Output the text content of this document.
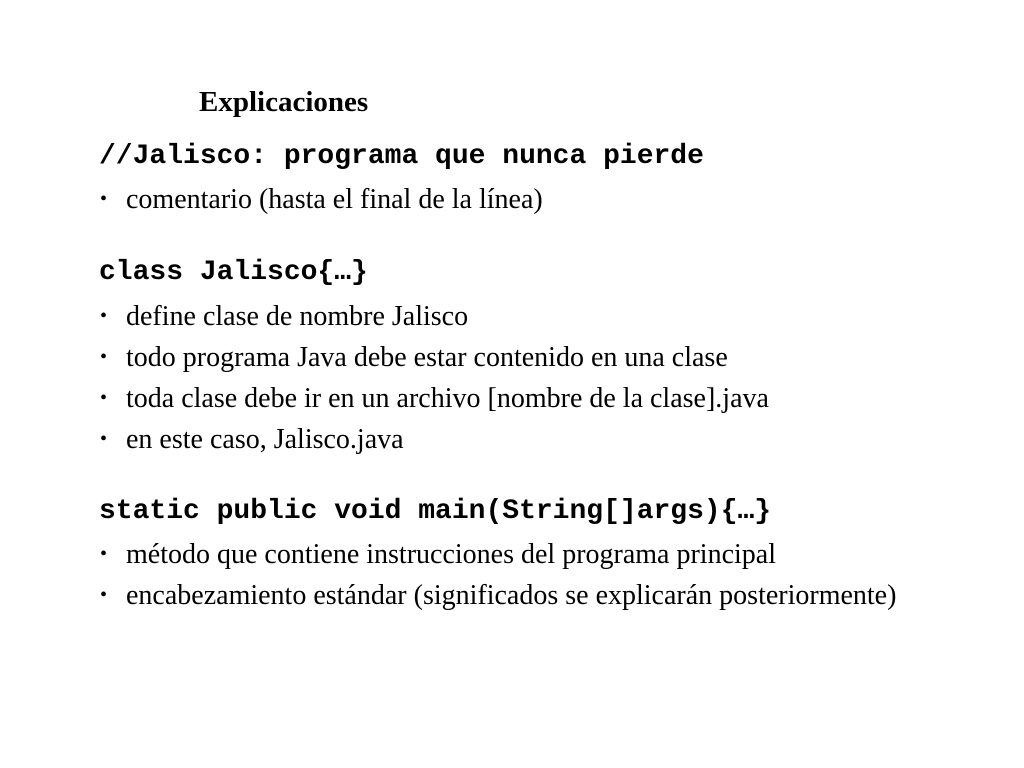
Explicaciones
//Jalisco: programa que nunca pierde
• comentario (hasta el final de la línea)
class Jalisco{…}
• define clase de nombre Jalisco
• todo programa Java debe estar contenido en una clase
• toda clase debe ir en un archivo [nombre de la clase].java
• en este caso, Jalisco.java
static public void main(String[]args){…}
• método que contiene instrucciones del programa principal
• encabezamiento estándar (significados se explicarán posteriormente)
